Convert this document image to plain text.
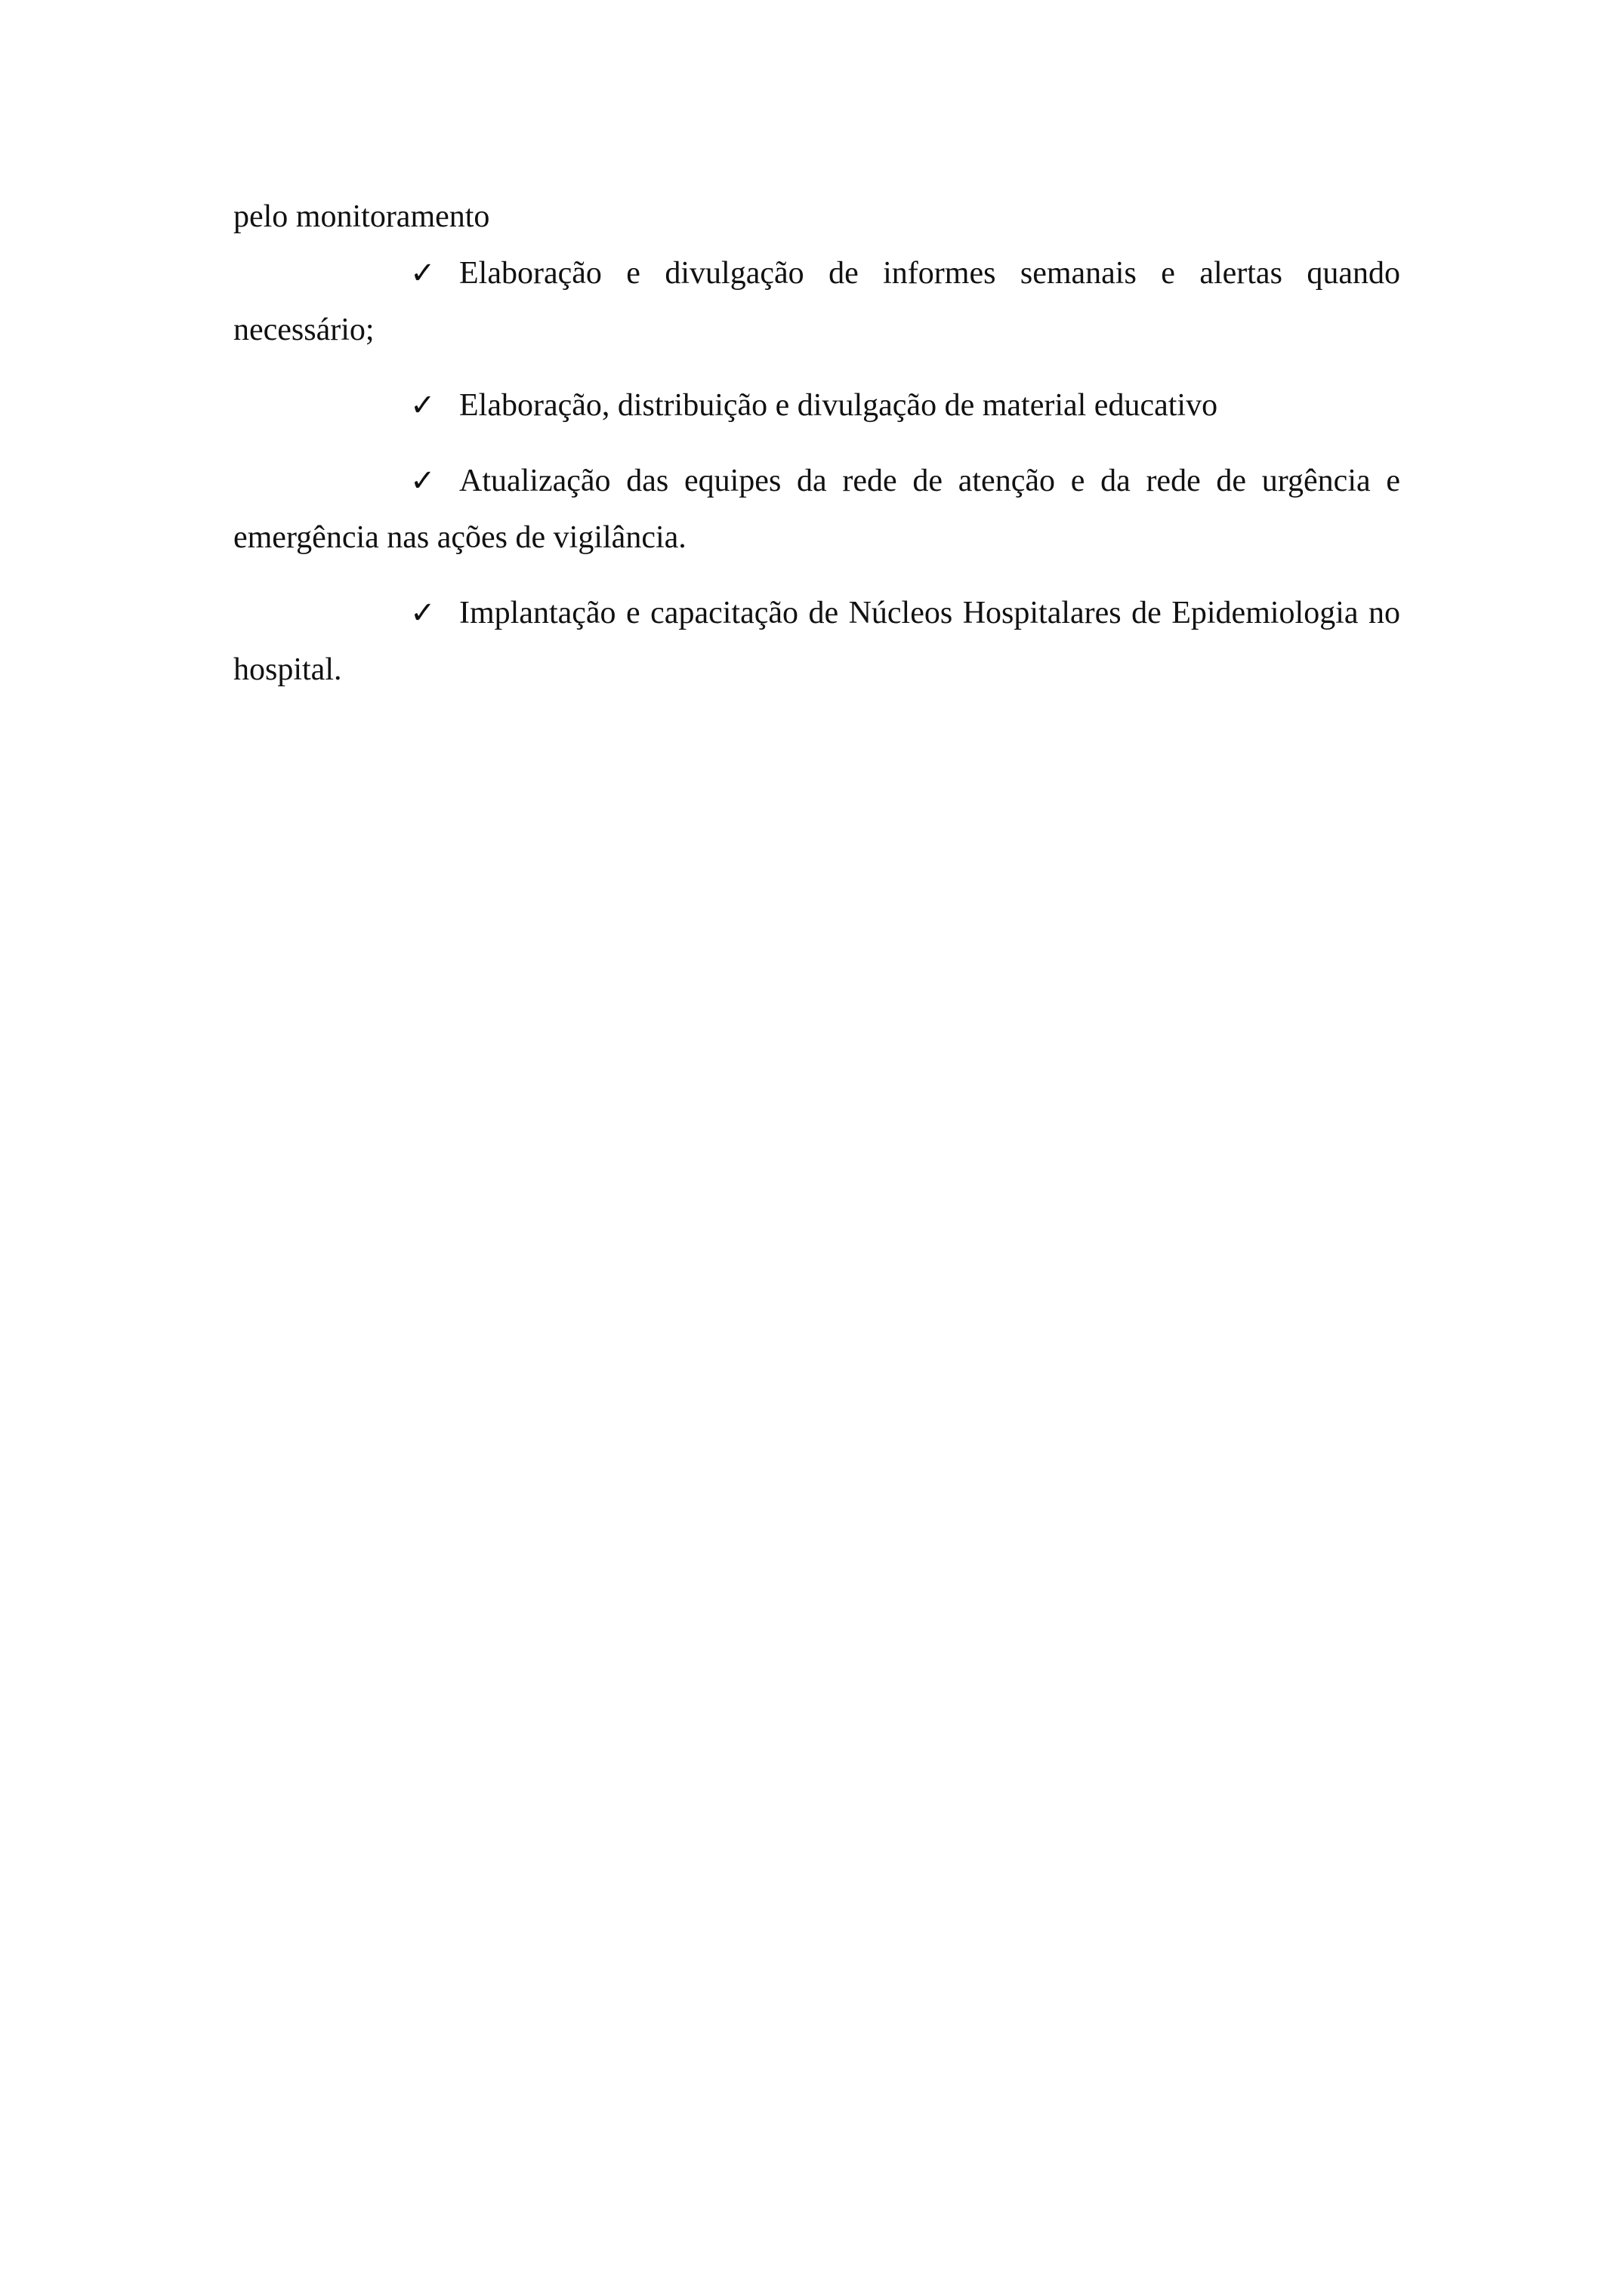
pelo monitoramento

✓ Elaboração e divulgação de informes semanais e alertas quando necessário;

✓ Elaboração, distribuição e divulgação de material educativo

✓ Atualização das equipes da rede de atenção e da rede de urgência e emergência nas ações de vigilância.

✓ Implantação e capacitação de Núcleos Hospitalares de Epidemiologia no hospital.
